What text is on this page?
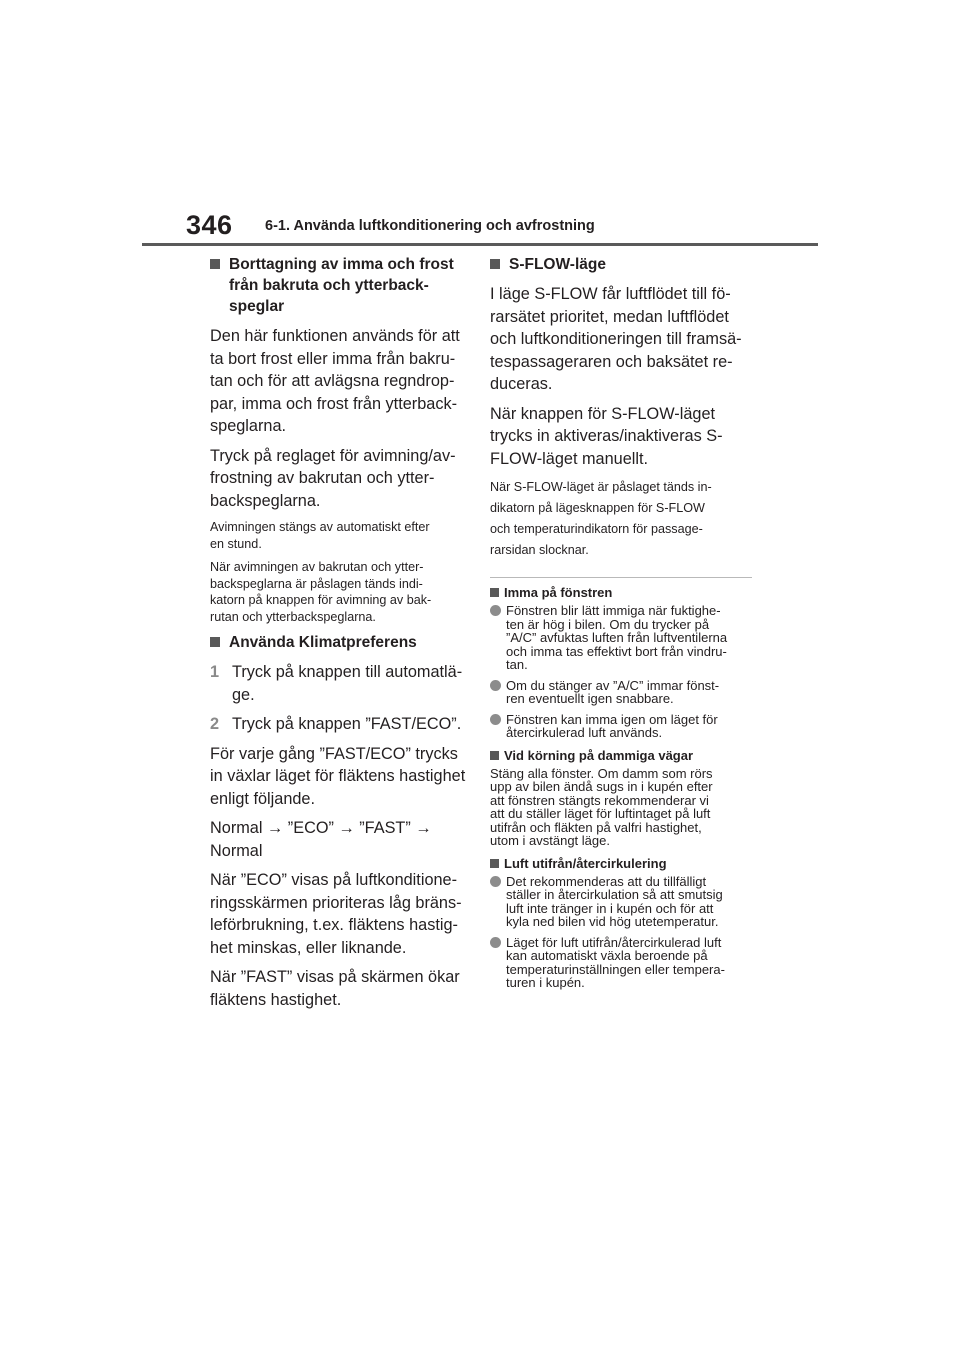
346 6-1. Använda luftkonditionering och avfrostning
Borttagning av imma och frost
från bakruta och ytterback-
speglar
Den här funktionen används för att
ta bort frost eller imma från bakru-
tan och för att avlägsna regndrop-
par, imma och frost från ytterback-
speglarna.
Tryck på reglaget för avimning/av-
frostning av bakrutan och ytter-
backspeglarna.
Avimningen stängs av automatiskt efter
en stund.
När avimningen av bakrutan och ytter-
backspeglarna är påslagen tänds indi-
katorn på knappen för avimning av bak-
rutan och ytterbackspeglarna.
Använda Klimatpreferens
1 Tryck på knappen till automatlä-
ge.
2 Tryck på knappen ”FAST/ECO”.
För varje gång ”FAST/ECO” trycks
in växlar läget för fläktens hastighet
enligt följande.
Normal → ”ECO” → ”FAST” →
Normal
När ”ECO” visas på luftkonditione-
ringsskärmen prioriteras låg bräns-
leförbrukning, t.ex. fläktens hastig-
het minskas, eller liknande.
När ”FAST” visas på skärmen ökar
fläktens hastighet.
S-FLOW-läge
I läge S-FLOW får luftflödet till fö-
rarsätet prioritet, medan luftflödet
och luftkonditioneringen till framsä-
tespassageraren och baksätet re-
duceras.
När knappen för S-FLOW-läget
trycks in aktiveras/inaktiveras S-
FLOW-läget manuellt.
När S-FLOW-läget är påslaget tänds in-
dikatorn på lägesknappen för S-FLOW
och temperaturindikatorn för passage-
rarsidan slocknar.
Imma på fönstren
Fönstren blir lätt immiga när fuktighe-
ten är hög i bilen. Om du trycker på
”A/C” avfuktas luften från luftventilerna
och imma tas effektivt bort från vindru-
tan.
Om du stänger av ”A/C” immar fönst-
ren eventuellt igen snabbare.
Fönstren kan imma igen om läget för
återcirkulerad luft används.
Vid körning på dammiga vägar
Stäng alla fönster. Om damm som rörs
upp av bilen ändå sugs in i kupén efter
att fönstren stängts rekommenderar vi
att du ställer läget för luftintaget på luft
utifrån och fläkten på valfri hastighet,
utom i avstängt läge.
Luft utifrån/återcirkulering
Det rekommenderas att du tillfälligt
ställer in återcirkulation så att smutsig
luft inte tränger in i kupén och för att
kyla ned bilen vid hög utetemperatur.
Läget för luft utifrån/återcirkulerad luft
kan automatiskt växla beroende på
temperaturinställningen eller tempera-
turen i kupén.
